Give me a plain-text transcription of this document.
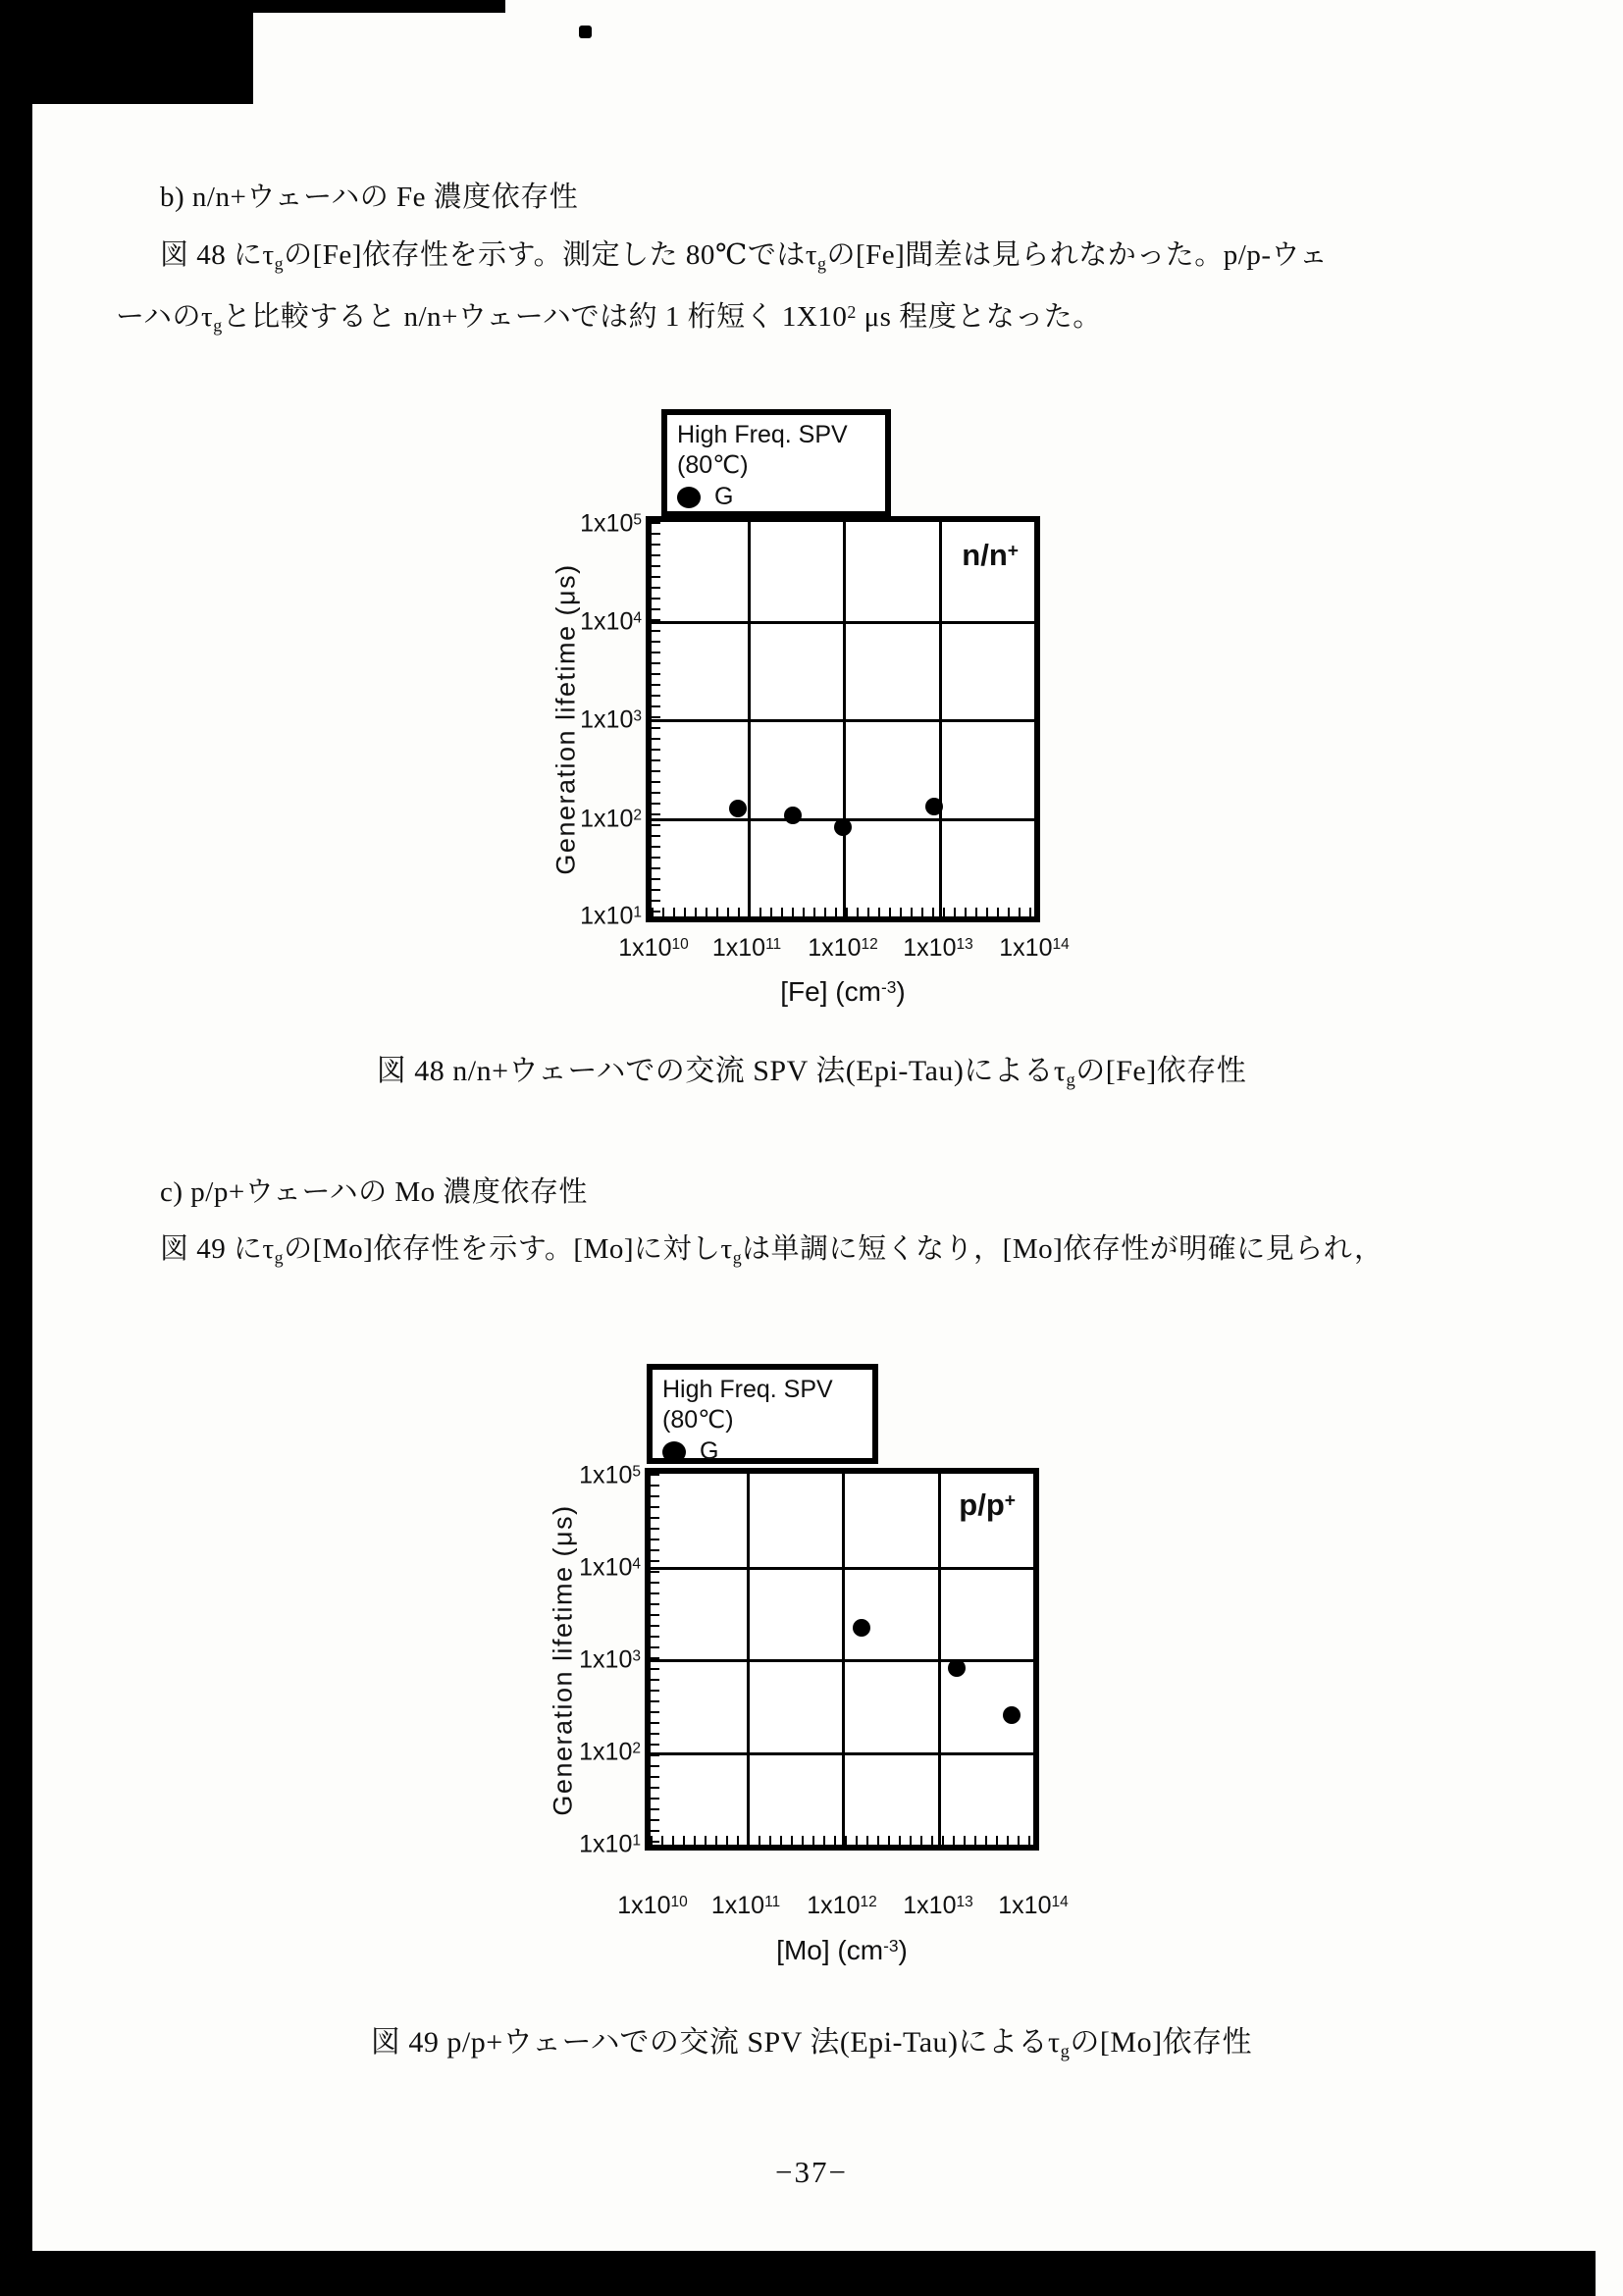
b) n/n+ウェーハの Fe 濃度依存性
図 48 にτgの[Fe]依存性を示す。測定した 80℃ではτgの[Fe]間差は見られなかった。p/p-ウェ
ーハのτgと比較すると n/n+ウェーハでは約 1 桁短く $1X10^2$ μs 程度となった。
High Freq. SPV
(80℃)
G
Generation lifetime (μs)
$1x10^5$
$1x10^4$
$1x10^3$
$1x10^2$
$1x10^1$
n/n+
$1x10^{10}$ $1x10^{11}$ $1x10^{12}$ $1x10^{13}$ $1x10^{14}$
[Fe] $(cm^{-3})$
図 48 n/n+ウェーハでの交流 SPV 法(Epi-Tau)によるτgの[Fe]依存性
c) p/p+ウェーハの Mo 濃度依存性
図 49 にτgの[Mo]依存性を示す。[Mo]に対しτgは単調に短くなり，[Mo]依存性が明確に見られ，
High Freq. SPV
(80℃)
G
Generation lifetime (μs)
$1x10^5$
$1x10^4$
$1x10^3$
$1x10^2$
$1x10^1$
p/p+
$1x10^{10}$ $1x10^{11}$ $1x10^{12}$ $1x10^{13}$ $1x10^{14}$
[Mo] $(cm^{-3})$
図 49 p/p+ウェーハでの交流 SPV 法(Epi-Tau)によるτgの[Mo]依存性
−37−
